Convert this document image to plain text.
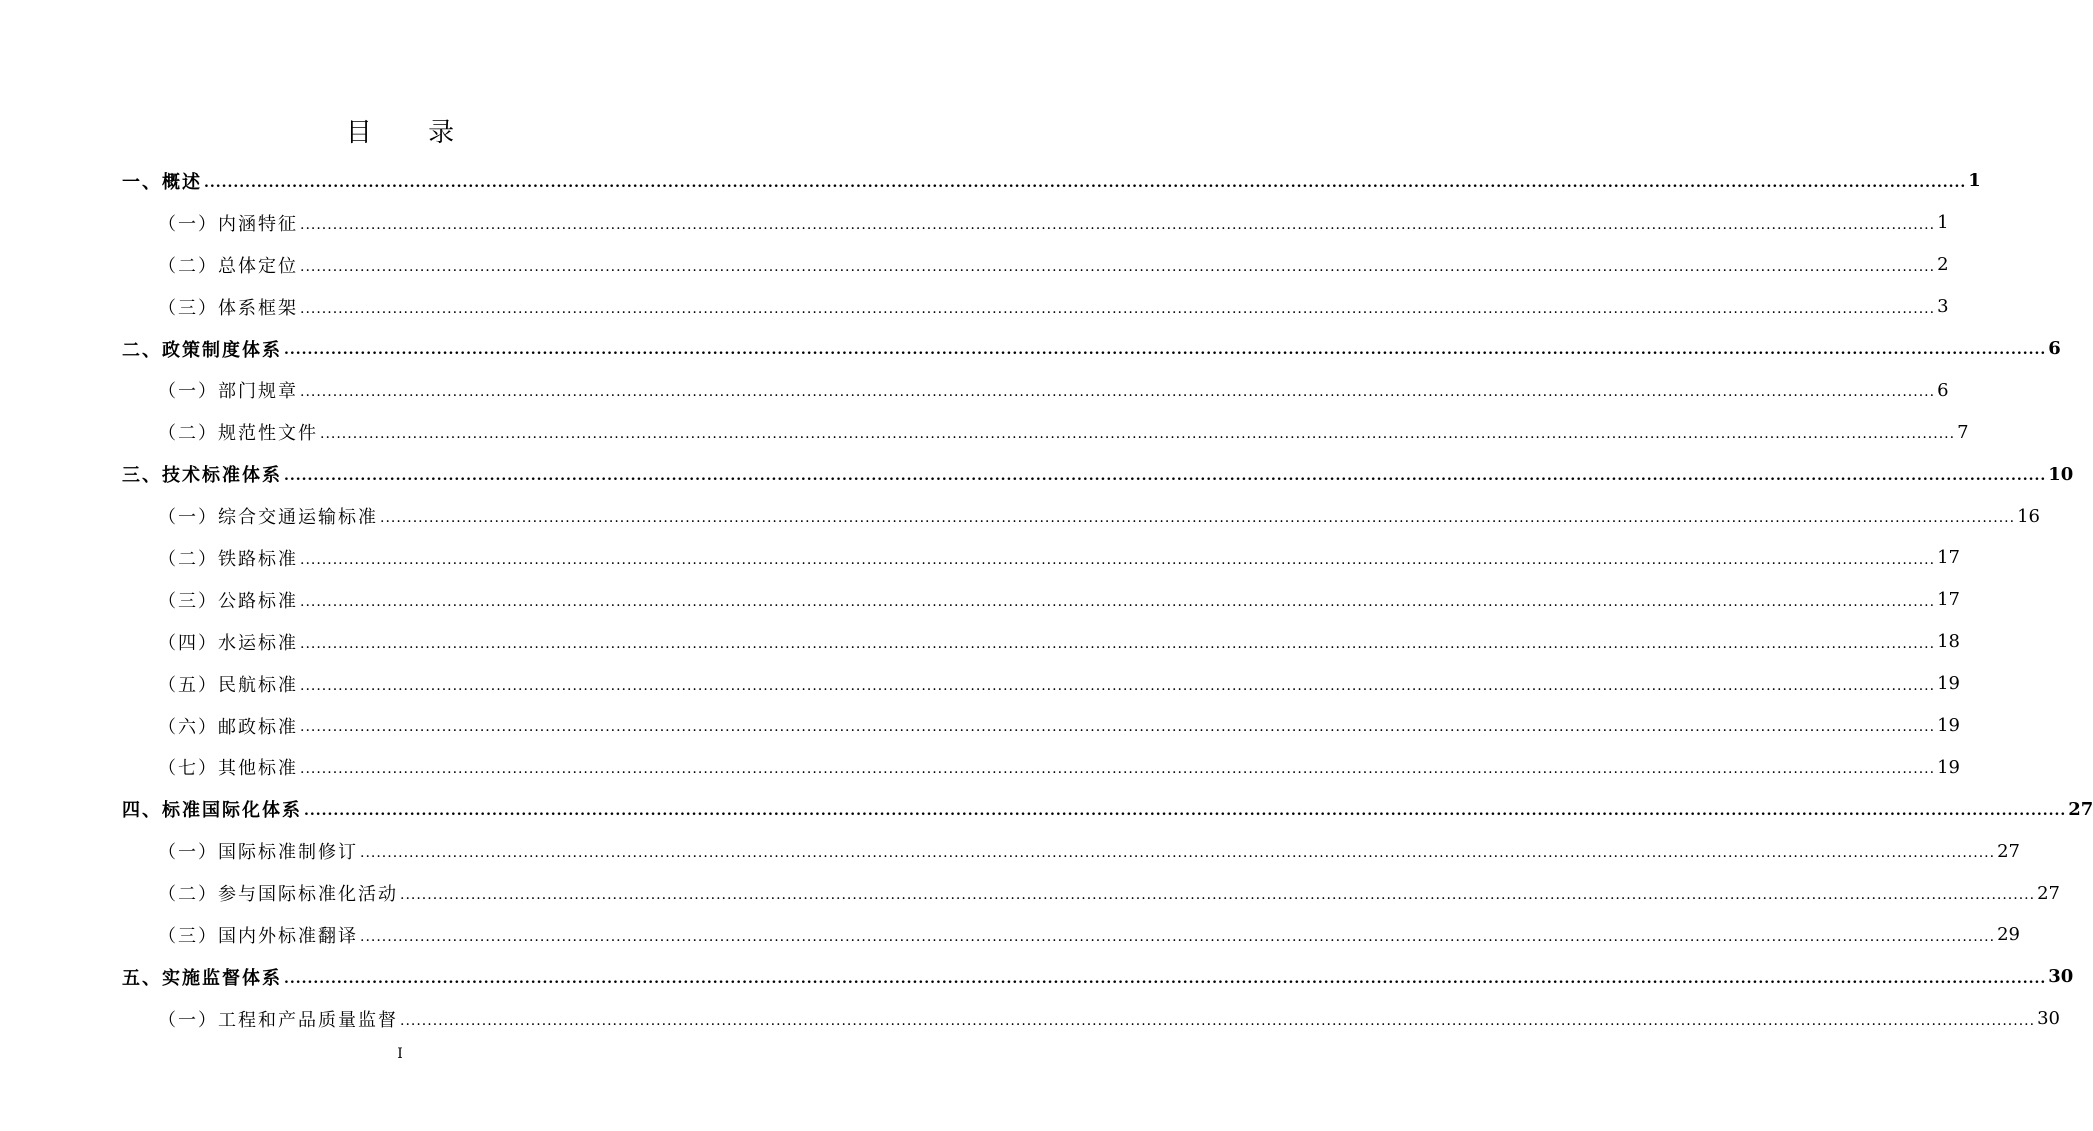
目 录
一、概述 ............................................................................................................................................................................................................................................................................................................ 1
（一）内涵特征 ............................................................................................................................................................................................................................................................................................................ 1
（二）总体定位 ............................................................................................................................................................................................................................................................................................................ 2
（三）体系框架 ............................................................................................................................................................................................................................................................................................................ 3
二、政策制度体系 ............................................................................................................................................................................................................................................................................................................ 6
（一）部门规章 ............................................................................................................................................................................................................................................................................................................ 6
（二）规范性文件 ............................................................................................................................................................................................................................................................................................................ 7
三、技术标准体系 ............................................................................................................................................................................................................................................................................................................ 10
（一）综合交通运输标准 ............................................................................................................................................................................................................................................................................................................ 16
（二）铁路标准 ............................................................................................................................................................................................................................................................................................................ 17
（三）公路标准 ............................................................................................................................................................................................................................................................................................................ 17
（四）水运标准 ............................................................................................................................................................................................................................................................................................................ 18
（五）民航标准 ............................................................................................................................................................................................................................................................................................................ 19
（六）邮政标准 ............................................................................................................................................................................................................................................................................................................ 19
（七）其他标准 ............................................................................................................................................................................................................................................................................................................ 19
四、标准国际化体系 ............................................................................................................................................................................................................................................................................................................ 27
（一）国际标准制修订 ............................................................................................................................................................................................................................................................................................................ 27
（二）参与国际标准化活动 ............................................................................................................................................................................................................................................................................................................ 27
（三）国内外标准翻译 ............................................................................................................................................................................................................................................................................................................ 29
五、实施监督体系 ............................................................................................................................................................................................................................................................................................................ 30
（一）工程和产品质量监督 ............................................................................................................................................................................................................................................................................................................ 30
I
